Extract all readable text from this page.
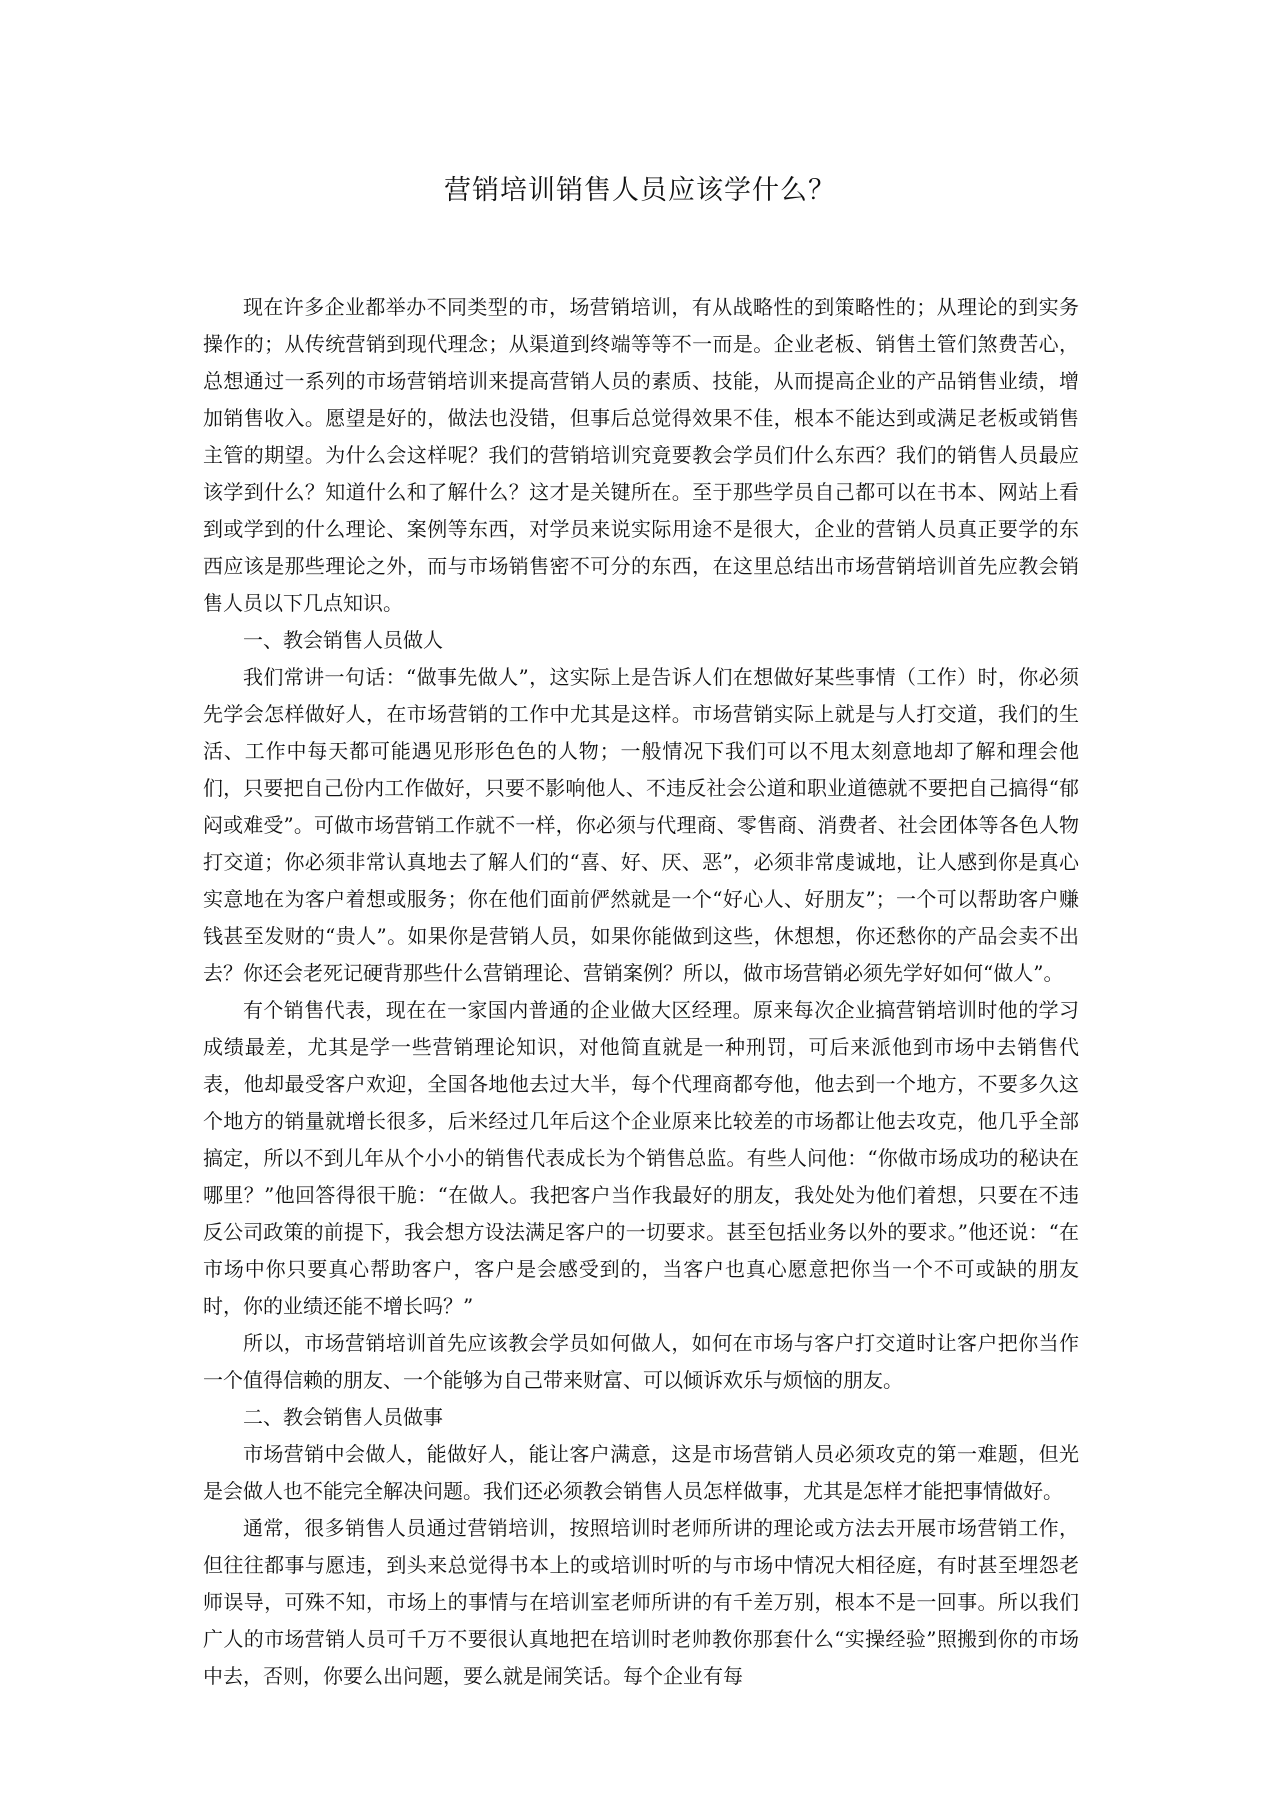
营销培训销售人员应该学什么？

现在许多企业都举办不同类型的市，场营销培训，有从战略性的到策略性的；从理论的到实务操作的；从传统营销到现代理念；从渠道到终端等等不一而是。企业老板、销售土管们煞费苦心，总想通过一系列的市场营销培训来提高营销人员的素质、技能，从而提高企业的产品销售业绩，增加销售收入。愿望是好的，做法也没错，但事后总觉得效果不佳，根本不能达到或满足老板或销售主管的期望。为什么会这样呢？我们的营销培训究竟要教会学员们什么东西？我们的销售人员最应该学到什么？知道什么和了解什么？这才是关键所在。至于那些学员自己都可以在书本、网站上看到或学到的什么理论、案例等东西，对学员来说实际用途不是很大，企业的营销人员真正要学的东西应该是那些理论之外，而与市场销售密不可分的东西，在这里总结出市场营销培训首先应教会销售人员以下几点知识。

一、教会销售人员做人

我们常讲一句话：“做事先做人”，这实际上是告诉人们在想做好某些事情（工作）时，你必须先学会怎样做好人，在市场营销的工作中尤其是这样。市场营销实际上就是与人打交道，我们的生活、工作中每天都可能遇见形形色色的人物；一般情况下我们可以不甩太刻意地却了解和理会他们，只要把自己份内工作做好，只要不影响他人、不违反社会公道和职业道德就不要把自己搞得“郁闷或难受”。可做市场营销工作就不一样，你必须与代理商、零售商、消费者、社会团体等各色人物打交道；你必须非常认真地去了解人们的“喜、好、厌、恶”，必须非常虔诚地，让人感到你是真心实意地在为客户着想或服务；你在他们面前俨然就是一个“好心人、好朋友”；一个可以帮助客户赚钱甚至发财的“贵人”。如果你是营销人员，如果你能做到这些，休想想，你还愁你的产品会卖不出去？你还会老死记硬背那些什么营销理论、营销案例？所以，做市场营销必须先学好如何“做人”。

有个销售代表，现在在一家国内普通的企业做大区经理。原来每次企业搞营销培训时他的学习成绩最差，尤其是学一些营销理论知识，对他简直就是一种刑罚，可后来派他到市场中去销售代表，他却最受客户欢迎，全国各地他去过大半，每个代理商都夸他，他去到一个地方，不要多久这个地方的销量就增长很多，后米经过几年后这个企业原来比较差的市场都让他去攻克，他几乎全部搞定，所以不到儿年从个小小的销售代表成长为个销售总监。有些人问他：“你做市场成功的秘诀在哪里？”他回答得很干脆：“在做人。我把客户当作我最好的朋友，我处处为他们着想，只要在不违反公司政策的前提下，我会想方设法满足客户的一切要求。甚至包括业务以外的要求。”他还说：“在市场中你只要真心帮助客户，客户是会感受到的，当客户也真心愿意把你当一个不可或缺的朋友时，你的业绩还能不增长吗？”

所以，市场营销培训首先应该教会学员如何做人，如何在市场与客户打交道时让客户把你当作一个值得信赖的朋友、一个能够为自己带来财富、可以倾诉欢乐与烦恼的朋友。

二、教会销售人员做事

市场营销中会做人，能做好人，能让客户满意，这是市场营销人员必须攻克的第一难题，但光是会做人也不能完全解决问题。我们还必须教会销售人员怎样做事，尤其是怎样才能把事情做好。

通常，很多销售人员通过营销培训，按照培训时老师所讲的理论或方法去开展市场营销工作，但往往都事与愿违，到头来总觉得书本上的或培训时听的与市场中情况大相径庭，有时甚至埋怨老师误导，可殊不知，市场上的事情与在培训室老师所讲的有千差万别，根本不是一回事。所以我们广人的市场营销人员可千万不要很认真地把在培训时老帅教你那套什么“实操经验”照搬到你的市场中去，否则，你要么出问题，要么就是闹笑话。每个企业有每
